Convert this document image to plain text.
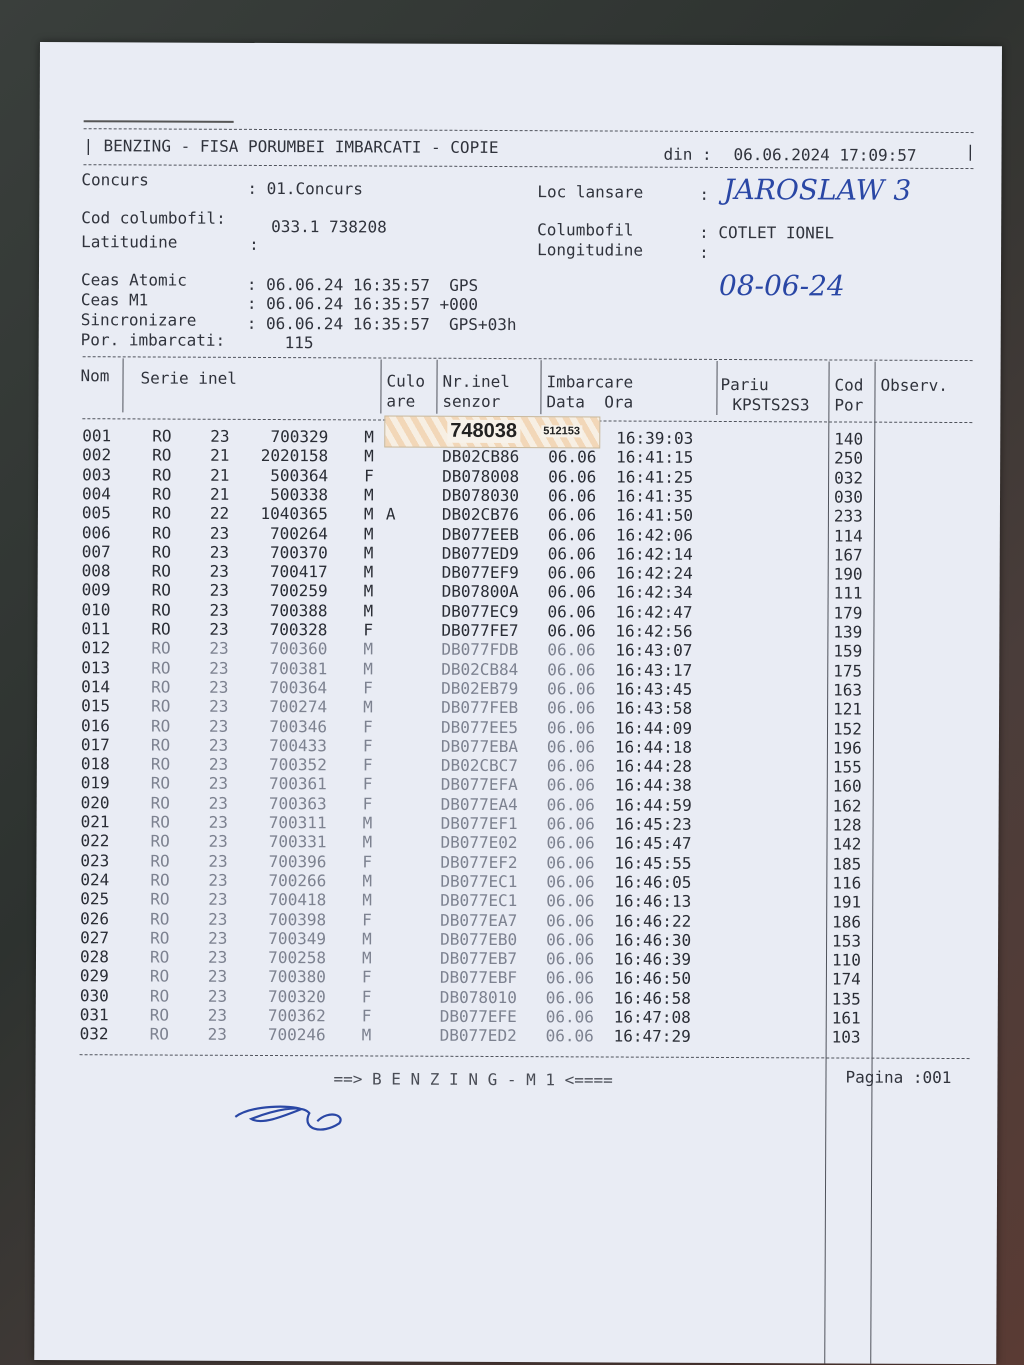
| BENZING - FISA PORUMBEI IMBARCATI - COPIE	din : 06.06.2024 17:09:57	|
Concurs	: 01.Concurs	Loc lansare	: JAROSLAW 3
Cod columbofil:	033.1 738208
Latitudine	:
Columbofil	: COTLET IONEL
Longitudine	:
08-06-24
Ceas Atomic	: 06.06.24 16:35:57  GPS
Ceas M1	: 06.06.24 16:35:57 +000
Sincronizare	: 06.06.24 16:35:57  GPS+03h
Por. imbarcati:	115
Nom Serie inel	Culo
are
Nr.inel
senzor
Imbarcare
Data  Ora
Pariu
KPSTS2S3
Cod
Por
Observ.
748038 512153
001	RO 23	700329 M	16:39:03	140
002	RO 21	2020158 M	DB02CB86 06.06 16:41:15	250
003	RO 21	500364 F	DB078008 06.06 16:41:25	032
004	RO 21	500338 M	DB078030 06.06 16:41:35	030
005	RO 22	1040365 M A	DB02CB76 06.06 16:41:50	233
006	RO 23	700264 M	DB077EEB 06.06 16:42:06	114
007	RO 23	700370 M	DB077ED9 06.06 16:42:14	167
008	RO 23	700417 M	DB077EF9 06.06 16:42:24	190
009	RO 23	700259 M	DB07800A 06.06 16:42:34	111
010	RO 23	700388 M	DB077EC9 06.06 16:42:47	179
011	RO 23	700328 F	DB077FE7 06.06 16:42:56	139
012	RO 23	700360 M	DB077FDB 06.06 16:43:07	159
013	RO 23	700381 M	DB02CB84 06.06 16:43:17	175
014	RO 23	700364 F	DB02EB79 06.06 16:43:45	163
015	RO 23	700274 M	DB077FEB 06.06 16:43:58	121
016	RO 23	700346 F	DB077EE5 06.06 16:44:09	152
017	RO 23	700433 F	DB077EBA 06.06 16:44:18	196
018	RO 23	700352 F	DB02CBC7 06.06 16:44:28	155
019	RO 23	700361 F	DB077EFA 06.06 16:44:38	160
020	RO 23	700363 F	DB077EA4 06.06 16:44:59	162
021	RO 23	700311 M	DB077EF1 06.06 16:45:23	128
022	RO 23	700331 M	DB077E02 06.06 16:45:47	142
023	RO 23	700396 F	DB077EF2 06.06 16:45:55	185
024	RO 23	700266 M	DB077EC1 06.06 16:46:05	116
025	RO 23	700418 M	DB077EC1 06.06 16:46:13	191
026	RO 23	700398 F	DB077EA7 06.06 16:46:22	186
027	RO 23	700349 M	DB077EB0 06.06 16:46:30	153
028	RO 23	700258 M	DB077EB7 06.06 16:46:39	110
029	RO 23	700380 F	DB077EBF 06.06 16:46:50	174
030	RO 23	700320 F	DB078010 06.06 16:46:58	135
031	RO 23	700362 F	DB077EFE 06.06 16:47:08	161
032	RO 23	700246 M	DB077ED2 06.06 16:47:29	103
==> B E N Z I N G - M 1 <====	Pagina :001
